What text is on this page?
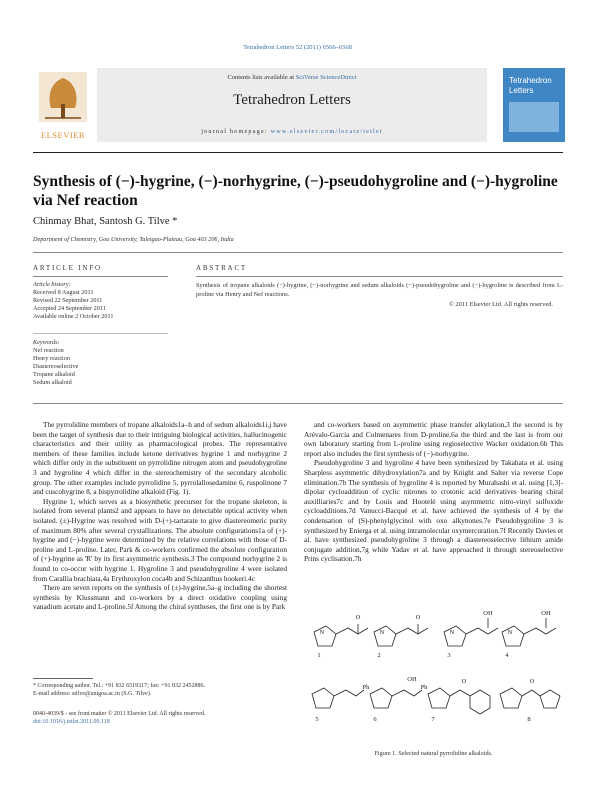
Tetrahedron Letters 52 (2011) 6566–6568
ELSEVIER
Contents lists available at SciVerse ScienceDirect
Tetrahedron Letters
journal homepage: www.elsevier.com/locate/tetlet
Tetrahedron
Letters
Synthesis of (−)-hygrine, (−)-norhygrine, (−)-pseudohygroline and (−)-hygroline via Nef reaction
Chinmay Bhat, Santosh G. Tilve *
Department of Chemistry, Goa University, Taleigao-Plateau, Goa 403 206, India
ARTICLE INFO
Article history:
Received 8 August 2011
Revised 22 September 2011
Accepted 24 September 2011
Available online 2 October 2011
Keywords:
Nef reaction
Henry reaction
Diastereoselective
Tropane alkaloid
Sedum alkaloid
ABSTRACT
Synthesis of tropane alkaloids (−)-hygrine, (−)-norhygrine and sedum alkaloids (−)-pseudohygroline and (−)-hygroline is described from L-proline via Henry and Nef reactions.
© 2011 Elsevier Ltd. All rights reserved.

The pyrrolidine members of tropane alkaloids1a–h and of sedum alkaloids1i,j have been the target of synthesis due to their intriguing biological activities, hallucinogenic characteristics and their utility as pharmacological probes. The representative members of these families include ketone derivatives hygrine 1 and norhygrine 2 which differ only in the substituent on pyrrolidine nitrogen atom and pseudohygroline 3 and hygroline 4 which differ in the stereochemistry of the secondary alcoholic group. The other examples include pyrrolidine 5, pyrrolallosedamine 6, ruspolinone 7 and cuscohygrine 8, a bispyrrolidine alkaloid (Fig. 1).

Hygrine 1, which serves as a biosynthetic precursor for the tropane skeleton, is isolated from several plants2 and appears to have no detectable optical activity when isolated. (±)-Hygrine was resolved with D-(+)-tartarate to give diastereomeric purity of maximum 80% after several crystallizations. The absolute configurations1a of (+)-hygrine and (−)-hygrine were determined by the relative correlations with those of D-proline and L-proline. Later, Park & co-workers confirmed the absolute configuration of (+)-hygrine as 'R' by its first asymmetric synthesis.3 The compound norhygrine 2 is found to co-occur with hygrine 1. Hygroline 3 and pseudohygroline 4 were isolated from Carallia brachiata,4a Erythroxylon coca4b and Schizanthus hookeri.4c

There are seven reports on the synthesis of (±)-hygrine,5a–g including the shortest synthesis by Klussmann and co-workers by a direct oxidative coupling using vanadium acetate and L-proline.5f Among the chiral syntheses, the first one is by Park

and co-workers based on asymmetric phase transfer alkylation,3 the second is by Arévalo-Garcia and Colmenares from D-proline,6a the third and the last is from our own laboratory starting from L-proline using regioselective Wacker oxidation.6b This report also includes the first synthesis of (−)-norhygrine.

Pseudohygroline 3 and hygroline 4 have been synthesized by Takahata et al. using Sharpless asymmetric dihydroxylation7a and by Knight and Salter via reverse Cope elimination.7b The synthesis of hygroline 4 is reported by Murahashi et al. using [1,3]-dipolar cycloaddition of cyclic nitrones to crotonic acid derivatives bearing chiral auxilliaries7c and by Louis and Hootelé using asymmetric nitro-vinyl sulfoxide cycloadditions.7d Vanucci-Bacqué et al. have achieved the synthesis of 4 by the condensation of (S)-phenylglycinol with oxo alkynones.7e Pseudohygroline 3 is synthesized by Enierga et al. using intramolecular oxymercuration.7f Recently Davies et al. have synthesized pseudohygroline 3 through a diastereoselective lithium amide conjugate addition,7g while Yadav et al. have approached it through stereoselective Prins cyclisation.7h

N
O
N
O
N
OH
N
OH
Ph
OH
Ph
O	O
1	2	3	4
5	6	7	8
Figure 1. Selected natural pyrrolidine alkaloids.
* Corresponding author. Tel.: +91 832 6519317; fax: +91 832 2452886.
E-mail address: stilve@unigoa.ac.in (S.G. Tilve).
0040-4039/$ - see front matter © 2011 Elsevier Ltd. All rights reserved.
doi:10.1016/j.tetlet.2011.09.118
